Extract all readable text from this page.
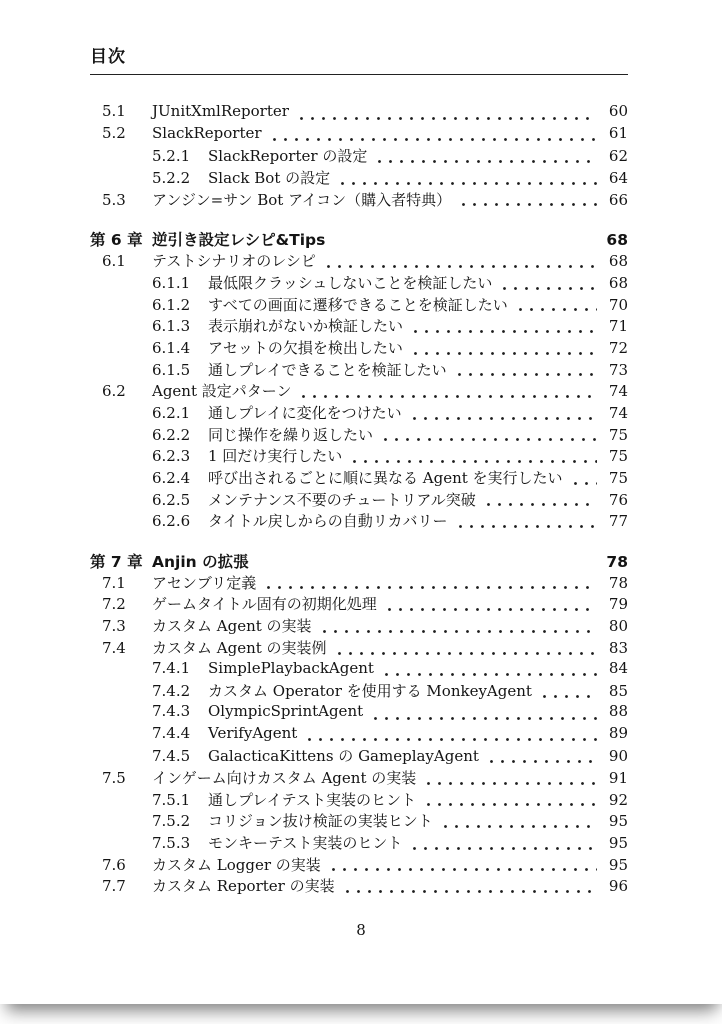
目次
5.1	JUnitXmlReporter	60
5.2	SlackReporter	61
5.2.1	SlackReporter の設定	62
5.2.2	Slack Bot の設定	64
5.3	アンジン=サン Bot アイコン（購入者特典）	66
第 6 章 逆引き設定レシピ&Tips	68
6.1	テストシナリオのレシピ	68
6.1.1	最低限クラッシュしないことを検証したい	68
6.1.2	すべての画面に遷移できることを検証したい	70
6.1.3	表示崩れがないか検証したい	71
6.1.4	アセットの欠損を検出したい	72
6.1.5	通しプレイできることを検証したい	73
6.2	Agent 設定パターン	74
6.2.1	通しプレイに変化をつけたい	74
6.2.2	同じ操作を繰り返したい	75
6.2.3	1 回だけ実行したい	75
6.2.4	呼び出されるごとに順に異なる Agent を実行したい	75
6.2.5	メンテナンス不要のチュートリアル突破	76
6.2.6	タイトル戻しからの自動リカバリー	77
第 7 章 Anjin の拡張	78
7.1	アセンブリ定義	78
7.2	ゲームタイトル固有の初期化処理	79
7.3	カスタム Agent の実装	80
7.4	カスタム Agent の実装例	83
7.4.1	SimplePlaybackAgent	84
7.4.2	カスタム Operator を使用する MonkeyAgent	85
7.4.3	OlympicSprintAgent	88
7.4.4	VerifyAgent	89
7.4.5	GalacticaKittens の GameplayAgent	90
7.5	インゲーム向けカスタム Agent の実装	91
7.5.1	通しプレイテスト実装のヒント	92
7.5.2	コリジョン抜け検証の実装ヒント	95
7.5.3	モンキーテスト実装のヒント	95
7.6	カスタム Logger の実装	95
7.7	カスタム Reporter の実装	96
8
